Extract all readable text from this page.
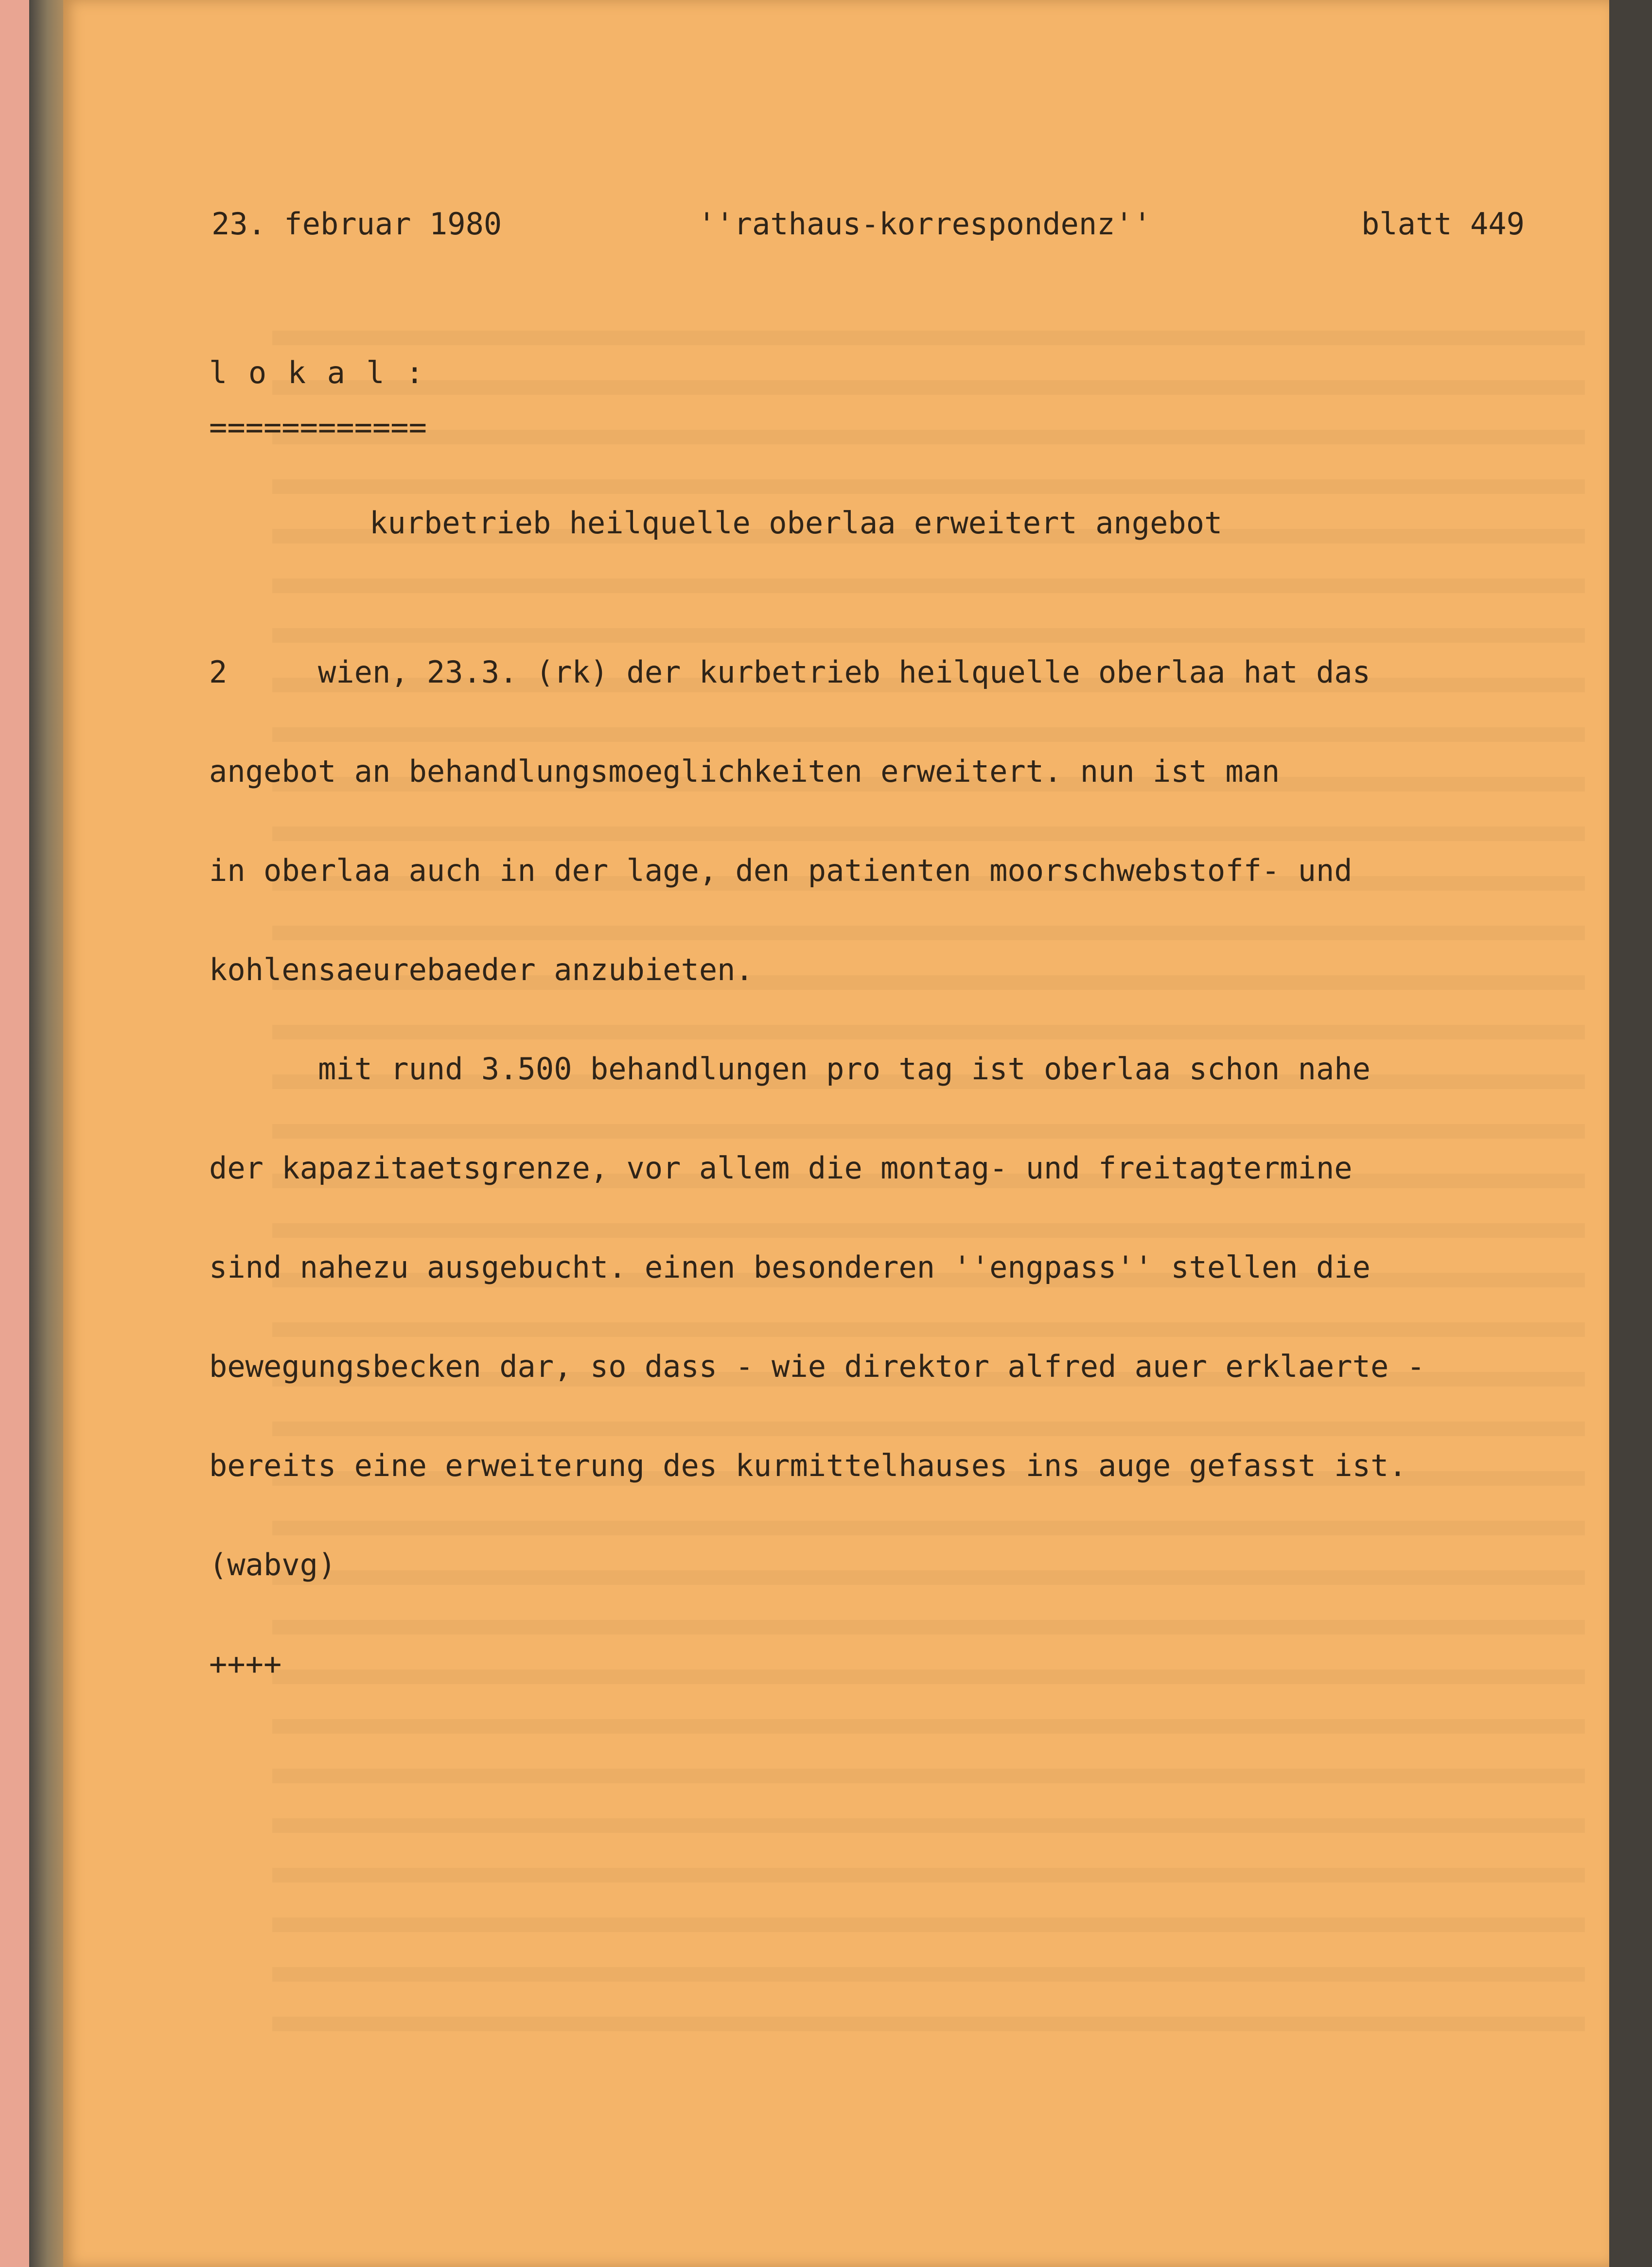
23. februar 1980	''rathaus-korrespondenz''	blatt 449
l o k a l :
============
kurbetrieb heilquelle oberlaa erweitert angebot

2     wien, 23.3. (rk) der kurbetrieb heilquelle oberlaa hat das

angebot an behandlungsmoeglichkeiten erweitert. nun ist man

in oberlaa auch in der lage, den patienten moorschwebstoff- und

kohlensaeurebaeder anzubieten.

mit rund 3.500 behandlungen pro tag ist oberlaa schon nahe

der kapazitaetsgrenze, vor allem die montag- und freitagtermine

sind nahezu ausgebucht. einen besonderen ''engpass'' stellen die

bewegungsbecken dar, so dass - wie direktor alfred auer erklaerte -

bereits eine erweiterung des kurmittelhauses ins auge gefasst ist.

(wabvg)

++++
